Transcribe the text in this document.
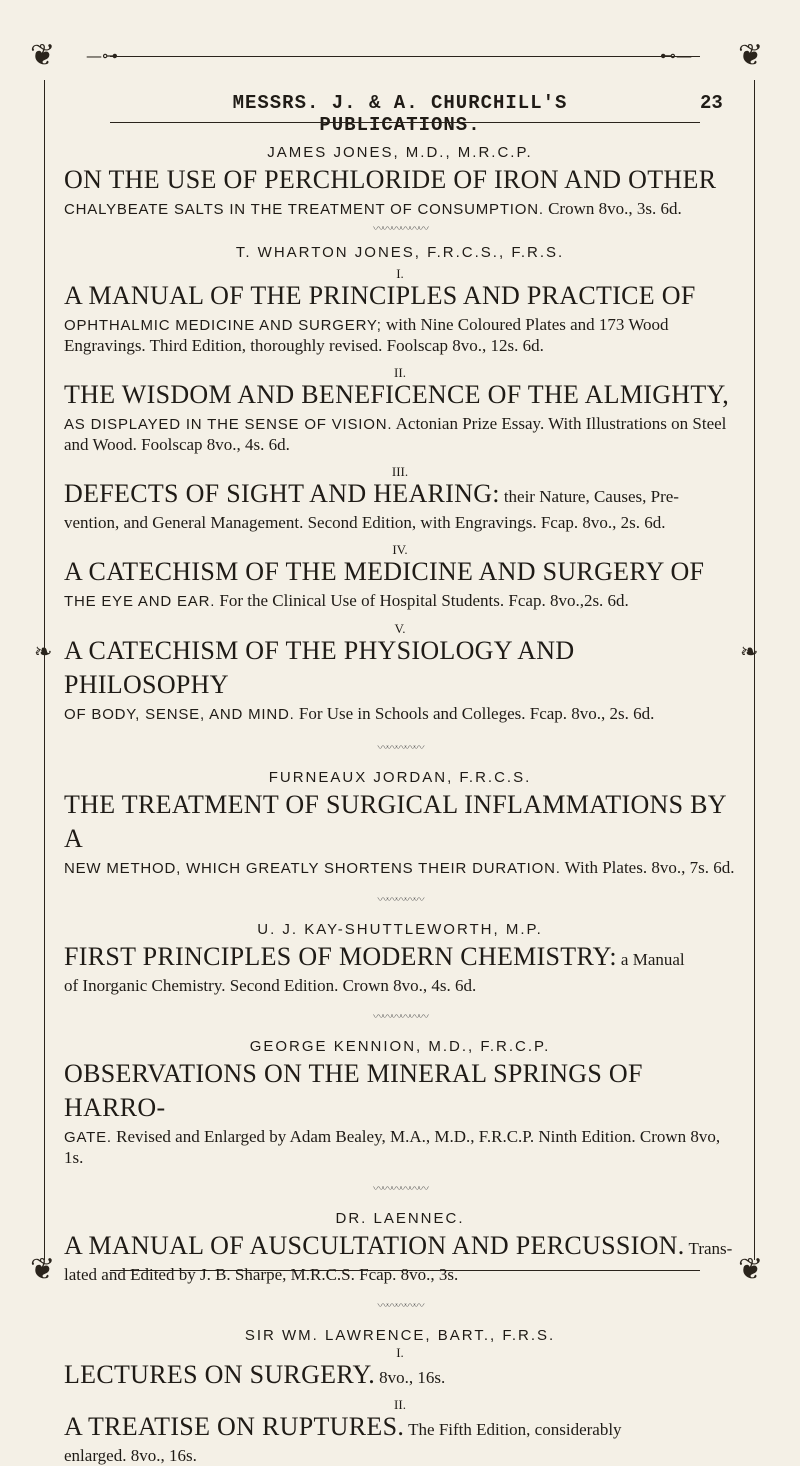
❦	❦
—⊶	⊷—
MESSRS. J. & A. CHURCHILL'S PUBLICATIONS.
23
❧	❧
❦	❦

JAMES JONES, M.D., M.R.C.P.

ON THE USE OF PERCHLORIDE OF IRON AND OTHER

CHALYBEATE SALTS IN THE TREATMENT OF CONSUMPTION. Crown 8vo., 3s. 6d.

〰〰〰〰〰〰

T. WHARTON JONES, F.R.C.S., F.R.S.

I.

A MANUAL OF THE PRINCIPLES AND PRACTICE OF

OPHTHALMIC MEDICINE AND SURGERY; with Nine Coloured Plates and 173 Wood Engravings. Third Edition, thoroughly revised. Foolscap 8vo., 12s. 6d.

II.

THE WISDOM AND BENEFICENCE OF THE ALMIGHTY,

AS DISPLAYED IN THE SENSE OF VISION. Actonian Prize Essay. With Illustrations on Steel and Wood. Foolscap 8vo., 4s. 6d.

III.

DEFECTS OF SIGHT AND HEARING: their Nature, Causes, Pre-

vention, and General Management. Second Edition, with Engravings. Fcap. 8vo., 2s. 6d.

IV.

A CATECHISM OF THE MEDICINE AND SURGERY OF

THE EYE AND EAR. For the Clinical Use of Hospital Students. Fcap. 8vo.,2s. 6d.

V.

A CATECHISM OF THE PHYSIOLOGY AND PHILOSOPHY

OF BODY, SENSE, AND MIND. For Use in Schools and Colleges. Fcap. 8vo., 2s. 6d.

〰〰〰〰〰

FURNEAUX JORDAN, F.R.C.S.

THE TREATMENT OF SURGICAL INFLAMMATIONS BY A

NEW METHOD, WHICH GREATLY SHORTENS THEIR DURATION. With Plates. 8vo., 7s. 6d.

〰〰〰〰〰

U. J. KAY-SHUTTLEWORTH, M.P.

FIRST PRINCIPLES OF MODERN CHEMISTRY: a Manual

of Inorganic Chemistry. Second Edition. Crown 8vo., 4s. 6d.

〰〰〰〰〰〰

GEORGE KENNION, M.D., F.R.C.P.

OBSERVATIONS ON THE MINERAL SPRINGS OF HARRO-

GATE. Revised and Enlarged by Adam Bealey, M.A., M.D., F.R.C.P. Ninth Edition. Crown 8vo, 1s.

〰〰〰〰〰〰

DR. LAENNEC.

A MANUAL OF AUSCULTATION AND PERCUSSION. Trans-

lated and Edited by J. B. Sharpe, M.R.C.S. Fcap. 8vo., 3s.

〰〰〰〰〰

SIR WM. LAWRENCE, BART., F.R.S.

I.

LECTURES ON SURGERY. 8vo., 16s.

II.

A TREATISE ON RUPTURES. The Fifth Edition, considerably

enlarged. 8vo., 16s.
